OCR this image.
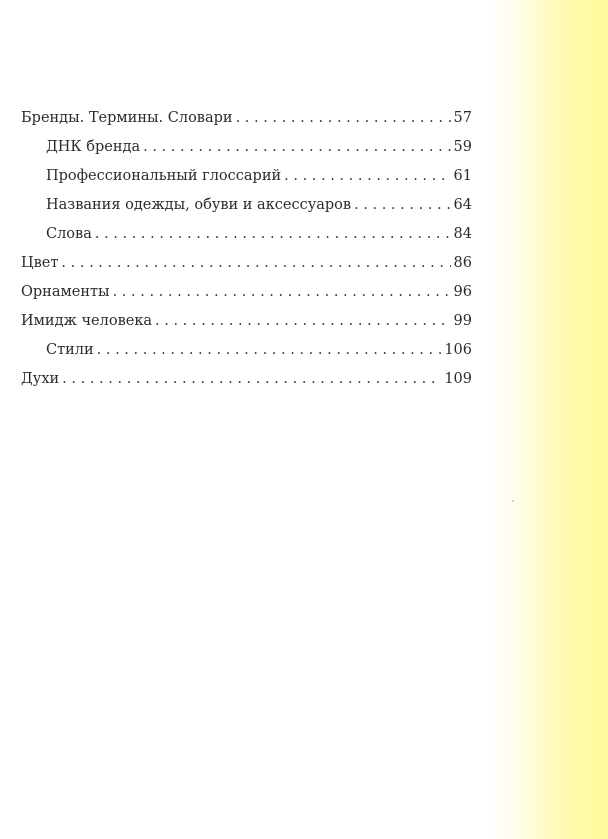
Бренды. Термины. Словари . . .	57
ДНК бренда . . .	59
Профессиональный глоссарий . . .	61
Названия одежды, обуви и аксессуаров . . .	64
Слова . . .	84
Цвет . . .	86
Орнаменты . . .	96
Имидж человека . . .	99
Стили . . .	106
Духи . . .	109
